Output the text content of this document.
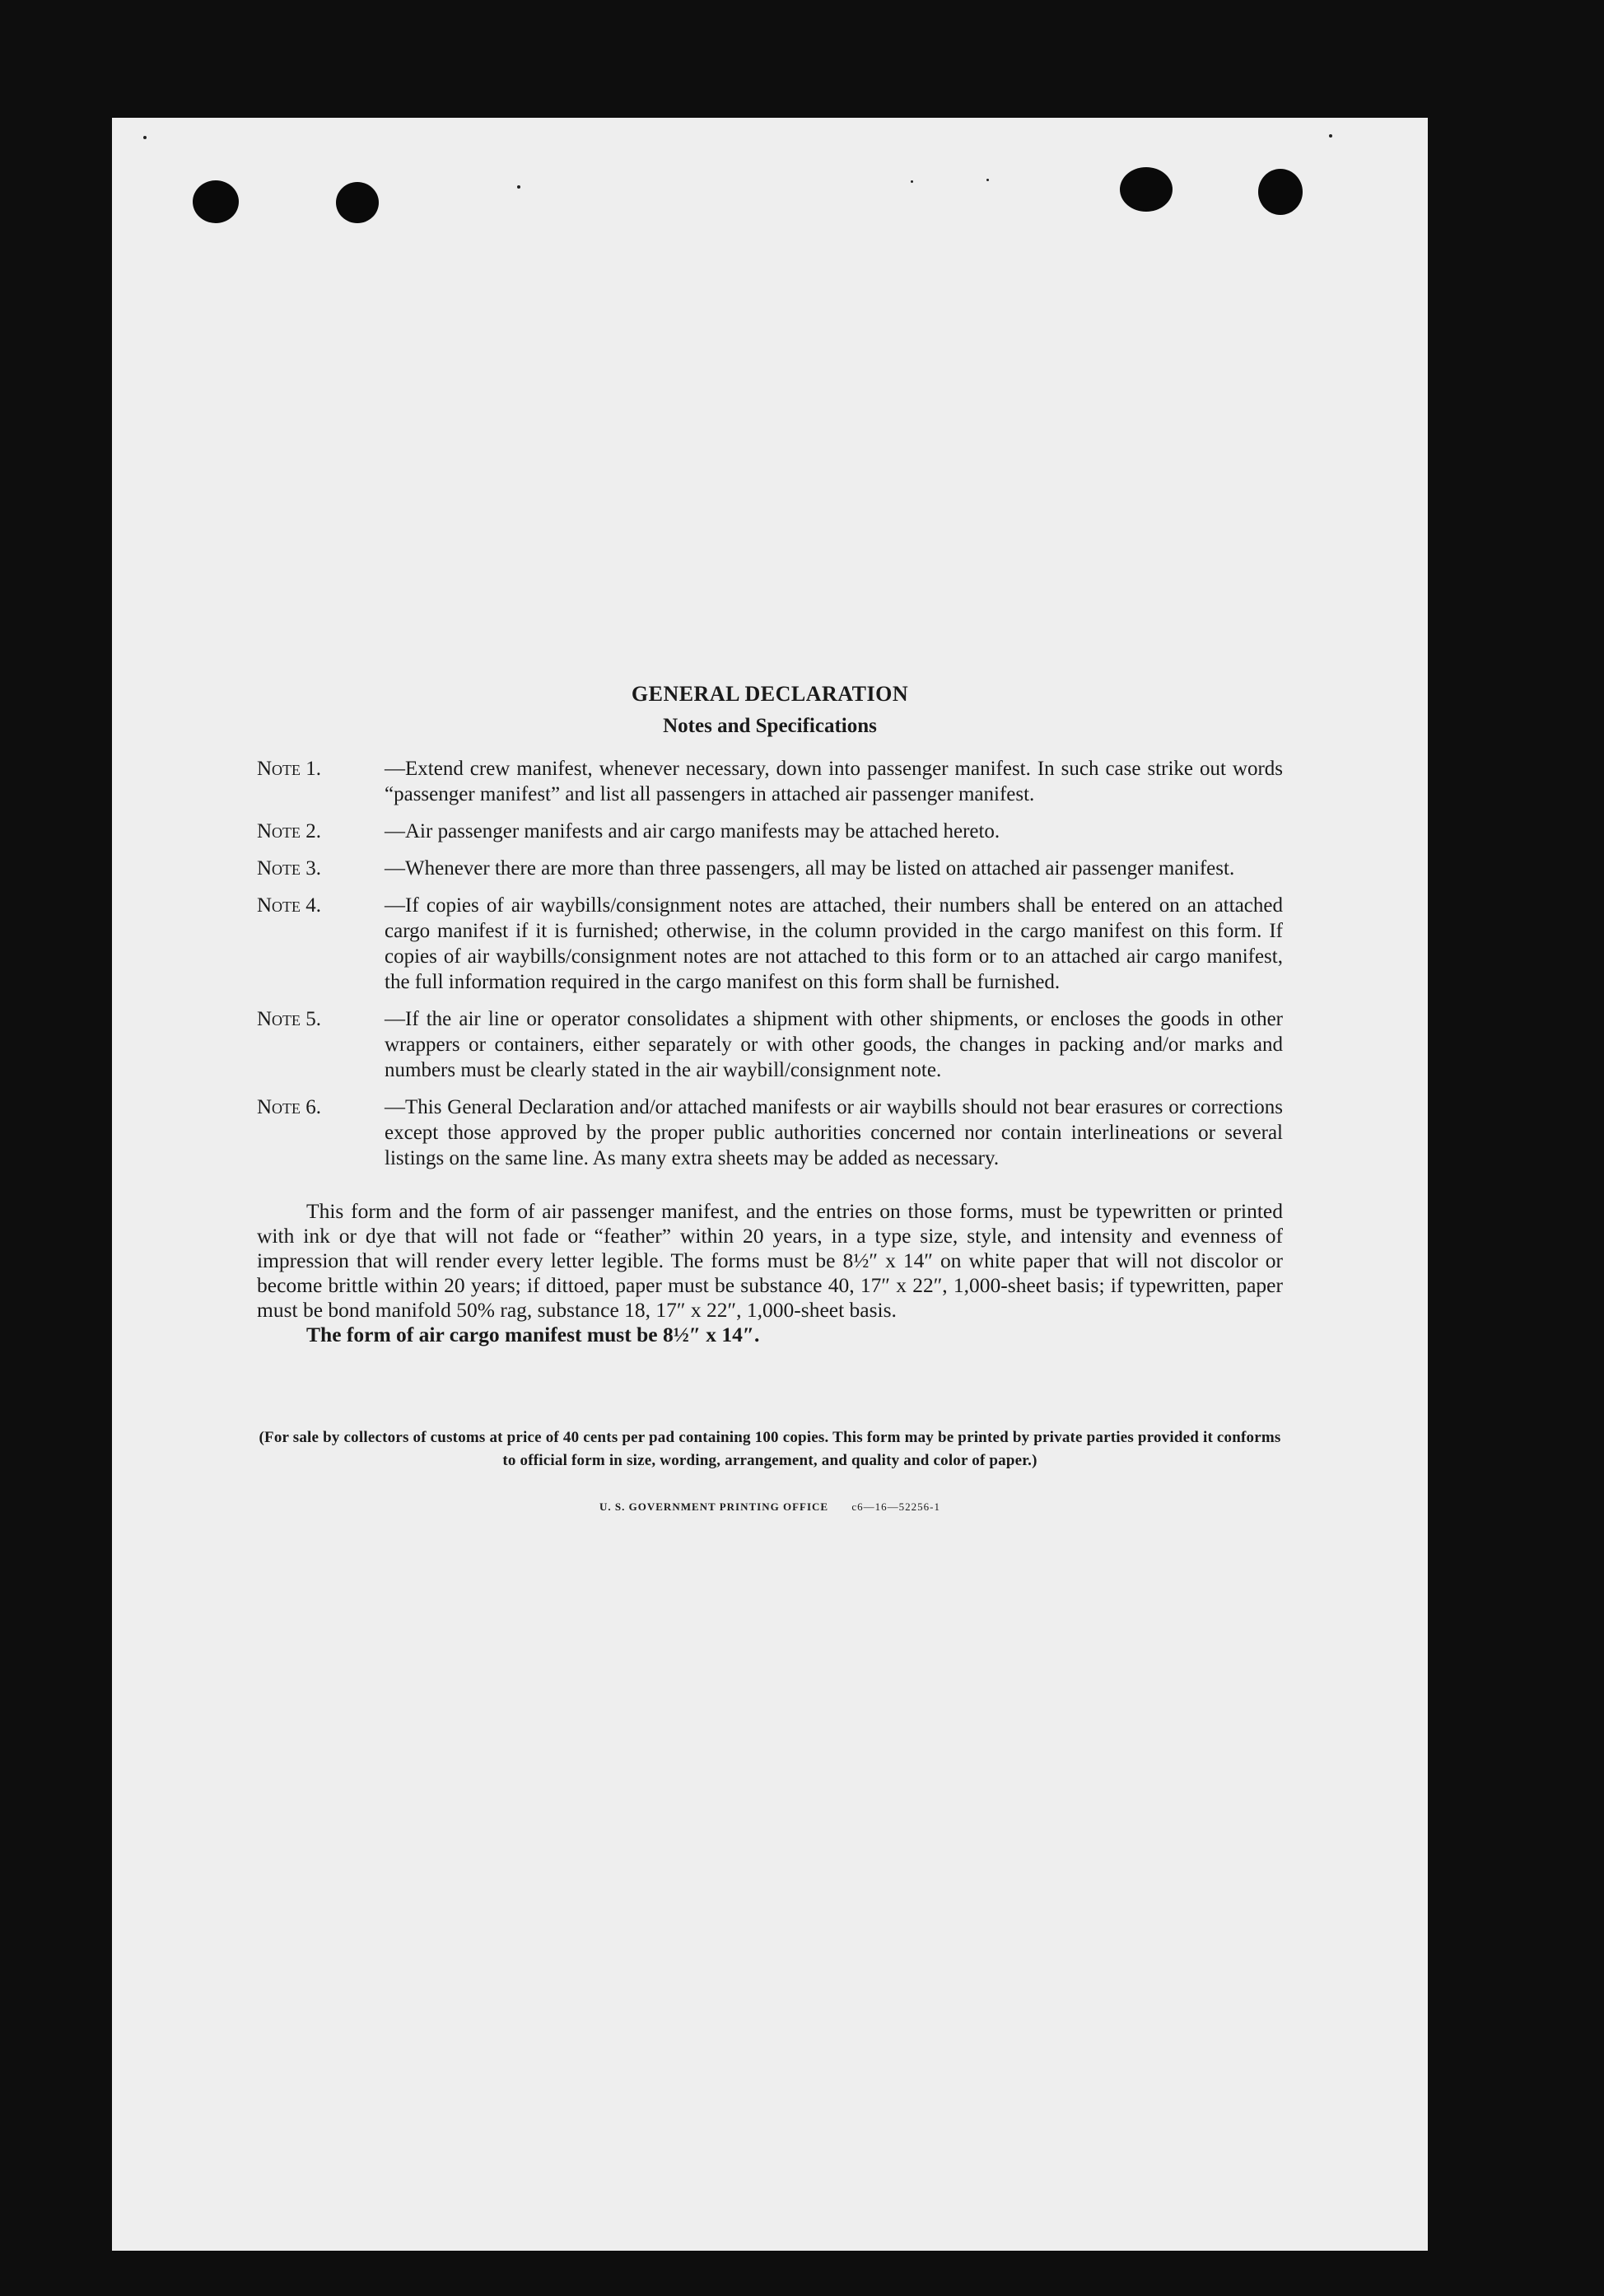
GENERAL DECLARATION
Notes and Specifications

Note 1.	—Extend crew manifest, whenever necessary, down into passenger manifest. In such case strike out words “passenger manifest” and list all passengers in attached air passenger manifest.

Note 2.	—Air passenger manifests and air cargo manifests may be attached hereto.

Note 3.	—Whenever there are more than three passengers, all may be listed on attached air passenger manifest.

Note 4.	—If copies of air waybills/consignment notes are attached, their numbers shall be entered on an attached cargo manifest if it is furnished; otherwise, in the column provided in the cargo manifest on this form. If copies of air waybills/consignment notes are not attached to this form or to an attached air cargo manifest, the full information required in the cargo manifest on this form shall be furnished.

Note 5.	—If the air line or operator consolidates a shipment with other shipments, or encloses the goods in other wrappers or containers, either separately or with other goods, the changes in packing and/or marks and numbers must be clearly stated in the air waybill/consignment note.

Note 6.	—This General Declaration and/or attached manifests or air waybills should not bear erasures or corrections except those approved by the proper public authorities concerned nor contain interlineations or several listings on the same line. As many extra sheets may be added as necessary.

This form and the form of air passenger manifest, and the entries on those forms, must be typewritten or printed with ink or dye that will not fade or “feather” within 20 years, in a type size, style, and intensity and evenness of impression that will render every letter legible. The forms must be 8½″ x 14″ on white paper that will not discolor or become brittle within 20 years; if dittoed, paper must be substance 40, 17″ x 22″, 1,000-sheet basis; if typewritten, paper must be bond manifold 50% rag, substance 18, 17″ x 22″, 1,000-sheet basis.

The form of air cargo manifest must be 8½″ x 14″.

(For sale by collectors of customs at price of 40 cents per pad containing 100 copies. This form may be printed by private parties provided it conforms to official form in size, wording, arrangement, and quality and color of paper.)

U. S. GOVERNMENT PRINTING OFFICE c6—16—52256-1
